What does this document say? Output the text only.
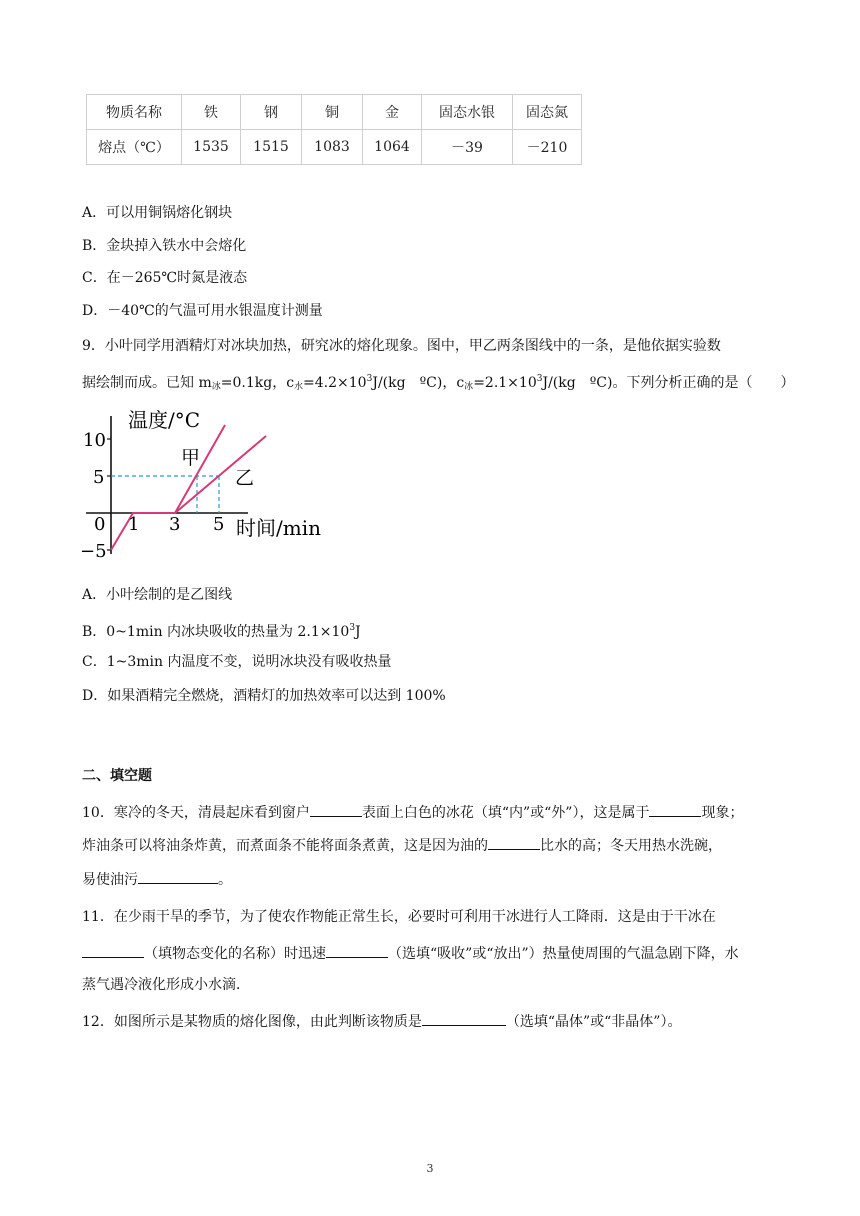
物质名称	铁	钢	铜	金	固态水银	固态氮
熔点（℃）	1535	1515	1083	1064	－39	－210
A．可以用铜锅熔化钢块
B．金块掉入铁水中会熔化
C．在－265℃时氮是液态
D．－40℃的气温可用水银温度计测量
9．小叶同学用酒精灯对冰块加热，研究冰的熔化现象。图中，甲乙两条图线中的一条，是他依据实验数
据绘制而成。已知 $m_冰=0.1kg$，$c_水=4.2\times 10^3J/(kg$　ºC)，$c_冰=2.1\times 10^3J/(kg$　ºC)。下列分析正确的是（　　）
温度/°C
时间/min
甲
乙
10
5
0
−5
1 3 5
A．小叶绘制的是乙图线
B．0~1min 内冰块吸收的热量为 $2.1\times 10^3J$
C．1~3min 内温度不变，说明冰块没有吸收热量
D．如果酒精完全燃烧，酒精灯的加热效率可以达到 100%
二、填空题
10．寒冷的冬天，清晨起床看到窗户	表面上白色的冰花（填“内”或“外”），这是属于	现象；
炸油条可以将油条炸黄，而煮面条不能将面条煮黄，这是因为油的	比水的高；冬天用热水洗碗，
易使油污	。
11．在少雨干旱的季节，为了使农作物能正常生长，必要时可利用干冰进行人工降雨．这是由于干冰在
（填物态变化的名称）时迅速	（选填“吸收”或“放出”）热量使周围的气温急剧下降，水
蒸气遇冷液化形成小水滴．
12．如图所示是某物质的熔化图像，由此判断该物质是	（选填“晶体”或“非晶体”）。
3
